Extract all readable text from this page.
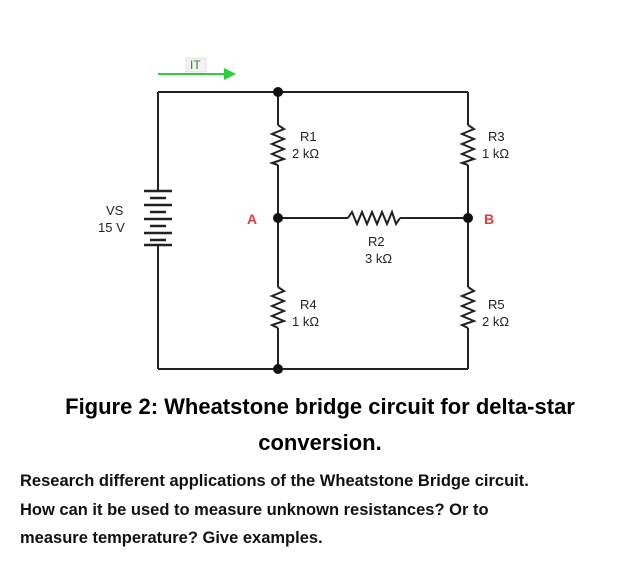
IT
VS
15 V
A	B
R1
2 kΩ
R3
1 kΩ
R2
3 kΩ
R4
1 kΩ
R5
2 kΩ
Figure 2: Wheatstone bridge circuit for delta-star
conversion.
Research different applications of the Wheatstone Bridge circuit.
How can it be used to measure unknown resistances? Or to
measure temperature? Give examples.
